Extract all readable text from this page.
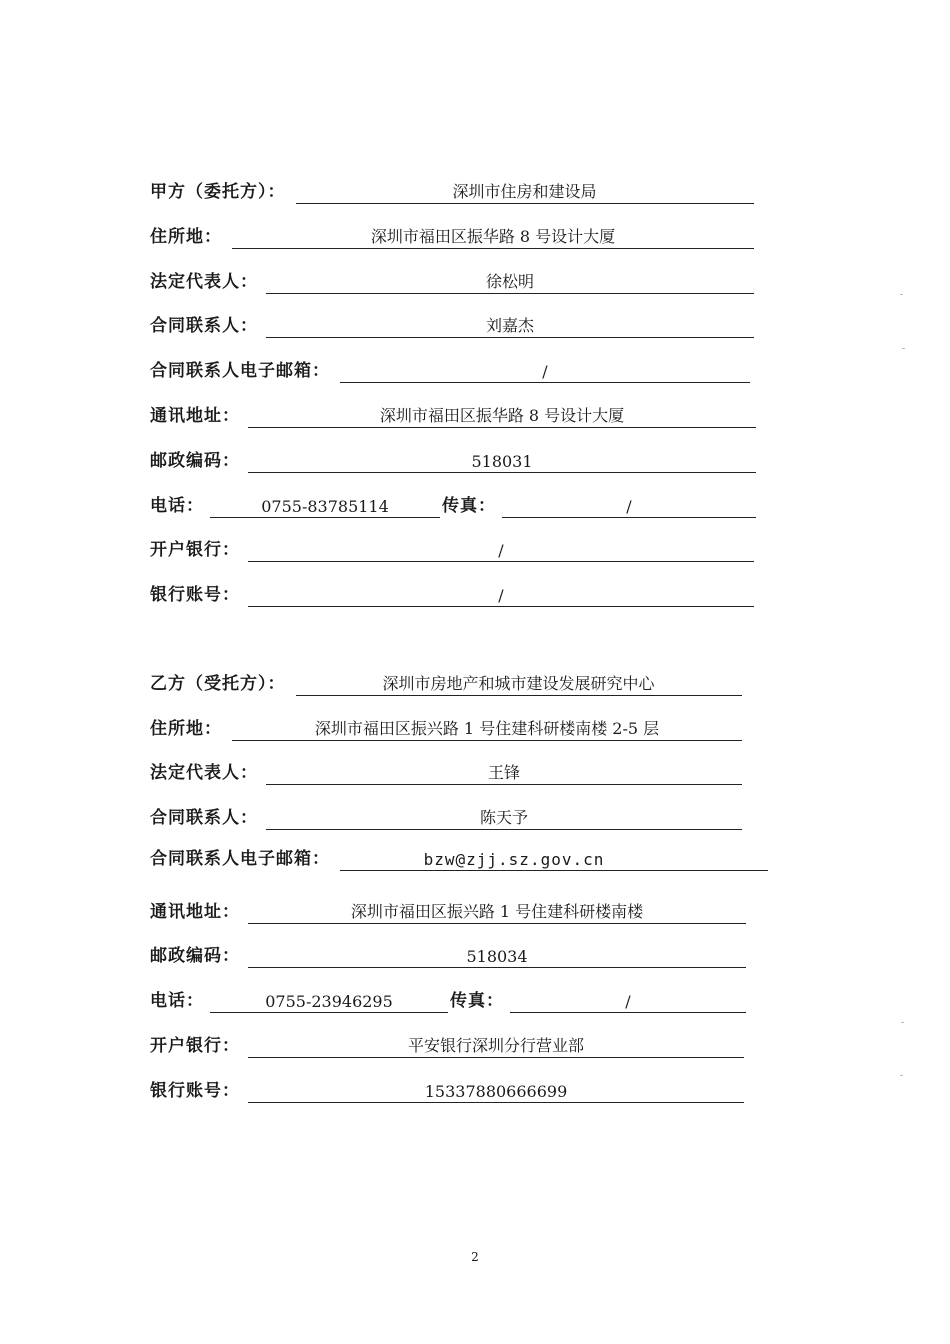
甲方（委托方）：	深圳市住房和建设局
住所地：	深圳市福田区振华路 8 号设计大厦
法定代表人：	徐松明
合同联系人：	刘嘉杰
合同联系人电子邮箱：	/
通讯地址：	深圳市福田区振华路 8 号设计大厦
邮政编码：	518031
电话：	0755-83785114	传真：	/
开户银行：	/
银行账号：	/
乙方（受托方）：	深圳市房地产和城市建设发展研究中心
住所地：	深圳市福田区振兴路 1 号住建科研楼南楼 2-5 层
法定代表人：	王锋
合同联系人：	陈天予
合同联系人电子邮箱：	bzw@zjj.sz.gov.cn
通讯地址：	深圳市福田区振兴路 1 号住建科研楼南楼
邮政编码：	518034
电话：	0755-23946295	传真：	/
开户银行：	平安银行深圳分行营业部
银行账号：	15337880666699
2
